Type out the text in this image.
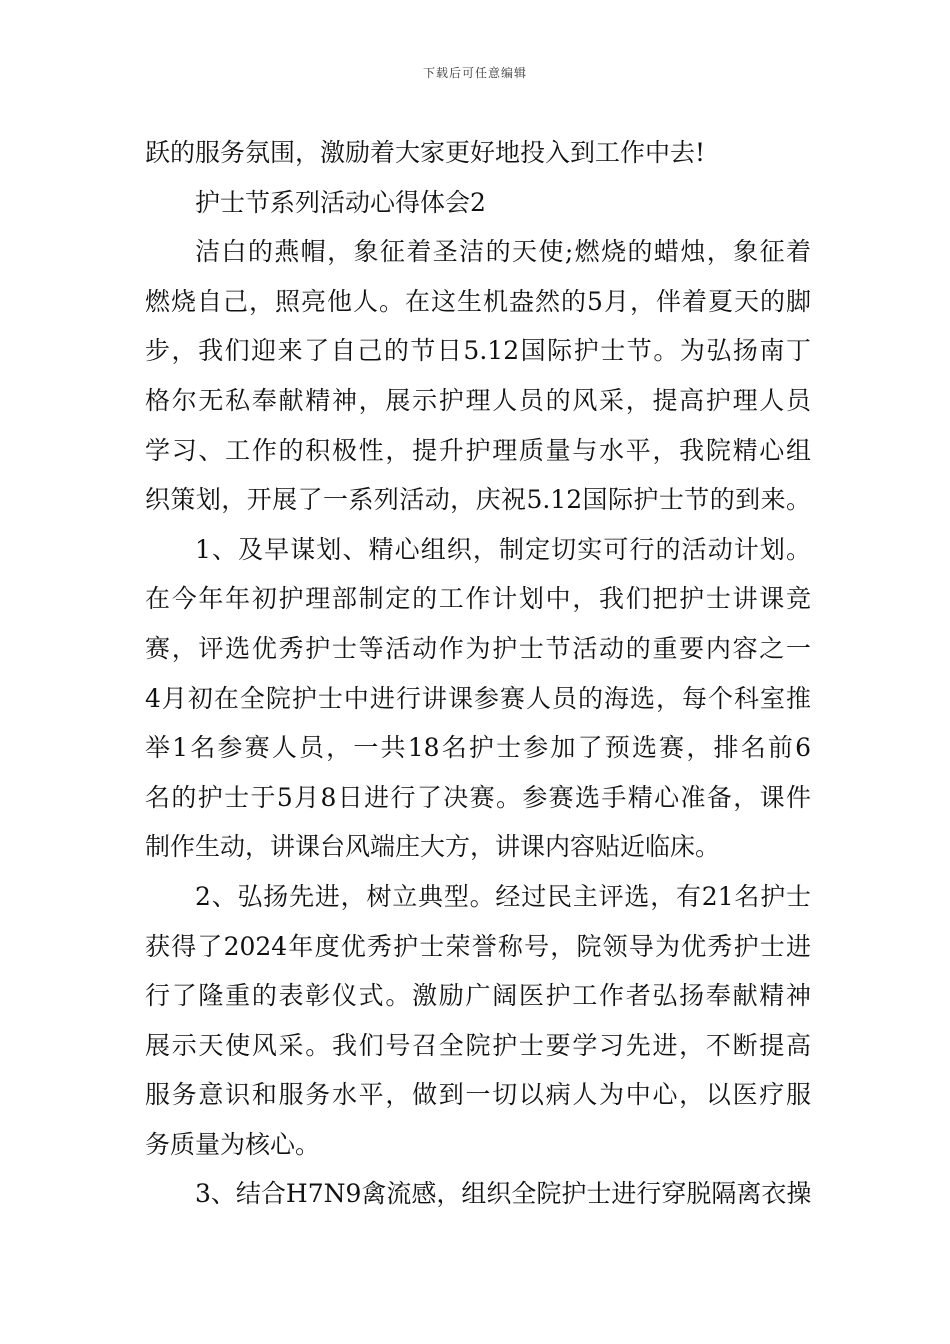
下载后可任意编辑
跃的服务氛围，激励着大家更好地投入到工作中去!
护士节系列活动心得体会2
洁白的燕帽，象征着圣洁的天使;燃烧的蜡烛，象征着
燃烧自己，照亮他人。在这生机盎然的5月，伴着夏天的脚
步，我们迎来了自己的节日5.12国际护士节。为弘扬南丁
格尔无私奉献精神，展示护理人员的风采，提高护理人员
学习、工作的积极性，提升护理质量与水平，我院精心组
织策划，开展了一系列活动，庆祝5.12国际护士节的到来。
1、及早谋划、精心组织，制定切实可行的活动计划。
在今年年初护理部制定的工作计划中，我们把护士讲课竞
赛，评选优秀护士等活动作为护士节活动的重要内容之一
4月初在全院护士中进行讲课参赛人员的海选，每个科室推
举1名参赛人员，一共18名护士参加了预选赛，排名前6
名的护士于5月8日进行了决赛。参赛选手精心准备，课件
制作生动，讲课台风端庄大方，讲课内容贴近临床。
2、弘扬先进，树立典型。经过民主评选，有21名护士
获得了2024年度优秀护士荣誉称号，院领导为优秀护士进
行了隆重的表彰仪式。激励广阔医护工作者弘扬奉献精神
展示天使风采。我们号召全院护士要学习先进，不断提高
服务意识和服务水平，做到一切以病人为中心，以医疗服
务质量为核心。
3、结合H7N9禽流感，组织全院护士进行穿脱隔离衣操
